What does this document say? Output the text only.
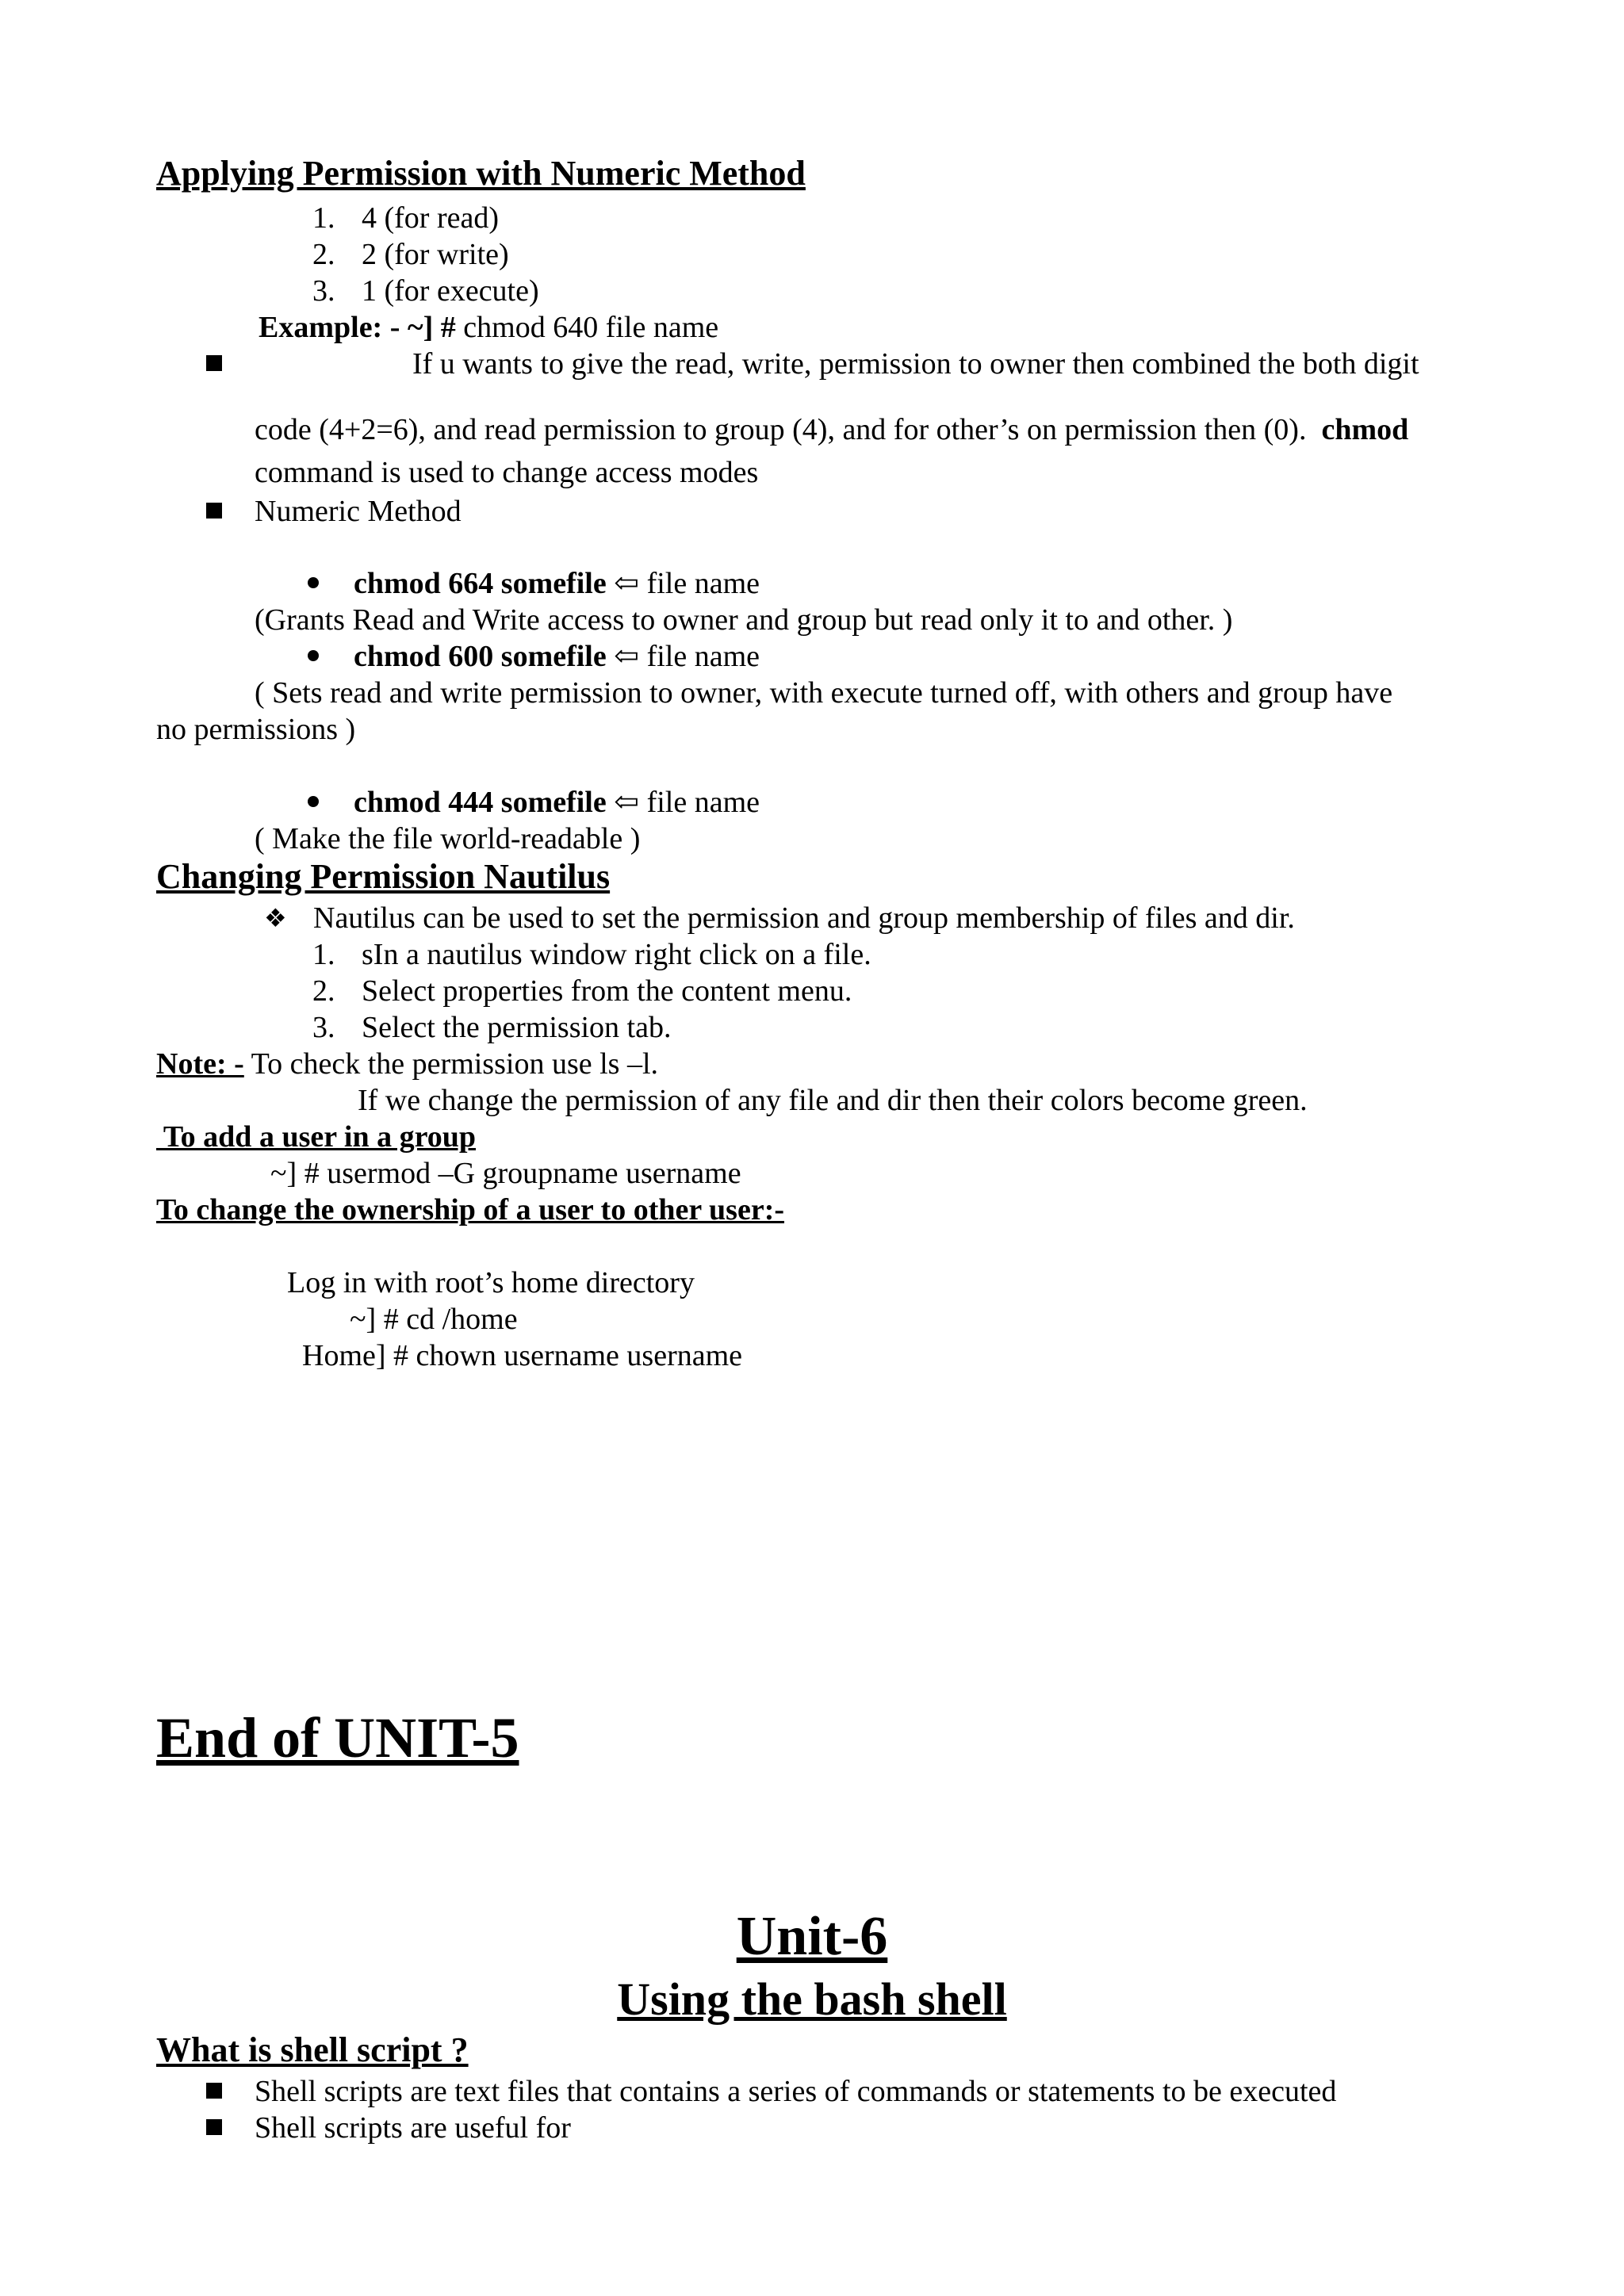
Applying Permission with Numeric Method
1. 4 (for read)
2. 2 (for write)
3. 1 (for execute)
Example: - ~] # chmod 640 file name
If u wants to give the read, write, permission to owner then combined the both digit
code (4+2=6), and read permission to group (4), and for other’s on permission then (0). chmod
command is used to change access modes
Numeric Method
chmod 664 somefile ⇦ file name
(Grants Read and Write access to owner and group but read only it to and other. )
chmod 600 somefile ⇦ file name
( Sets read and write permission to owner, with execute turned off, with others and group have
no permissions )
chmod 444 somefile ⇦ file name
( Make the file world-readable )
Changing Permission Nautilus
❖ Nautilus can be used to set the permission and group membership of files and dir.
1. sIn a nautilus window right click on a file.
2. Select properties from the content menu.
3. Select the permission tab.
Note: - To check the permission use ls –l.
If we change the permission of any file and dir then their colors become green.
To add a user in a group
~] # usermod –G groupname username
To change the ownership of a user to other user:-
Log in with root’s home directory
~] # cd /home
Home] # chown username username
End of UNIT-5
Unit-6
Using the bash shell
What is shell script ?
Shell scripts are text files that contains a series of commands or statements to be executed
Shell scripts are useful for
